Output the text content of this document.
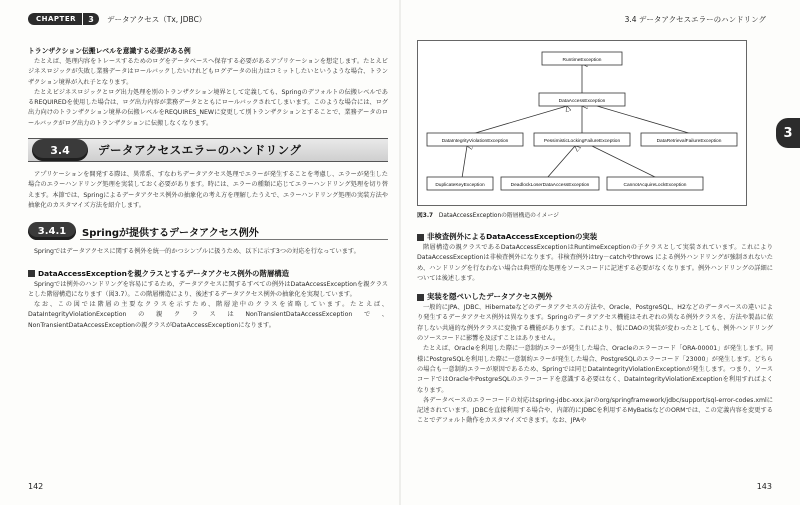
CHAPTER	3	データアクセス（Tx, JDBC）
トランザクション伝搬レベルを意識する必要がある例

たとえば、処理内容をトレースするためのログをデータベースへ保存する必要があるアプリケーションを想定します。たとえビジネスロジックが失敗し業務データはロールバックしたいけれどもログデータの出力はコミットしたいというような場合、トランザクション境界が入れ子となります。

たとえビジネスロジックとログ出力処理を別のトランザクション境界として定義しても、Springのデフォルトの伝搬レベルであるREQUIREDを使用した場合は、ログ出力内容が業務データとともにロールバックされてしまいます。このような場合には、ログ出力向けのトランザクション境界の伝搬レベルをREQUIRES_NEWに変更して別トランザクションとすることで、業務データのロールバックがログ出力のトランザクションに伝搬しなくなります。

3.4	データアクセスエラーのハンドリング

アプリケーションを開発する際は、異常系、すなわちデータアクセス処理でエラーが発生することを考慮し、エラーが発生した場合のエラーハンドリング処理を実装しておく必要があります。時には、エラーの種類に応じてエラーハンドリング処理を切り替えます。本節では、Springによるデータアクセス例外の抽象化の考え方を理解したうえで、エラーハンドリング処理の実装方法や抽象化のカスタマイズ方法を紹介します。

3.4.1	Springが提供するデータアクセス例外

Springではデータアクセスに関する例外を統一的かつシンプルに扱うため、以下に示す3つの対応を行なっています。

DataAccessExceptionを親クラスとするデータアクセス例外の階層構造

Springでは例外のハンドリングを容易にするため、データアクセスに関するすべての例外はDataAccessExceptionを親クラスとした階層構造になります（図3.7）。この階層構造により、後述するデータアクセス例外の抽象化を実現しています。

なお、この図では階層の主要なクラスを示すため、階層途中のクラスを省略しています。たとえば、DataIntegrityViolationExceptionの親クラスはNonTransientDataAccessExceptionで、NonTransientDataAccessExceptionの親クラスがDataAccessExceptionになります。

142
3.4 データアクセスエラーのハンドリング
3
RuntimeException
DataAccessException
DataIntegrityViolationException	PessimisticLockingFailureException	DataRetrievalFailureException
DuplicateKeyException	DeadlockLoserDataAccessException	CannotAcquireLockException
図3.7 DataAccessExceptionの階層構造のイメージ
非検査例外によるDataAccessExceptionの実装

階層構造の親クラスであるDataAccessExceptionはRuntimeExceptionの子クラスとして実装されています。これによりDataAccessExceptionは非検査例外になります。非検査例外はtry－catchやthrows による例外ハンドリングが強制されないため、ハンドリングを行なわない場合は典型的な処理をソースコードに記述する必要がなくなります。例外ハンドリングの詳細については後述します。

実装を隠ぺいしたデータアクセス例外

一般的にJPA、JDBC、Hibernateなどのデータアクセスの方法や、Oracle、PostgreSQL、H2などのデータベースの違いにより発生するデータアクセス例外は異なります。Springのデータアクセス機能はそれぞれの異なる例外クラスを、方法や製品に依存しない共通的な例外クラスに変換する機能があります。これにより、仮にDAOの実装が変わったとしても、例外ハンドリングのソースコードに影響を及ぼすことはありません。

たとえば、Oracleを利用した際に一意制約エラーが発生した場合、Oracleのエラーコード「ORA-00001」が発生します。同様にPostgreSQLを利用した際に一意制約エラーが発生した場合、PostgreSQLのエラーコード「23000」が発生します。どちらの場合も一意制約エラーが原因であるため、Springでは同じDataIntegrityViolationExceptionが発生します。つまり、ソースコードではOracleやPostgreSQLのエラーコードを意識する必要はなく、DataIntegrityViolationExceptionを利用すればよくなります。

各データベースのエラーコードの対応はspring-jdbc-xxx.jarのorg/springframework/jdbc/support/sql-error-codes.xmlに記述されています。JDBCを直接利用する場合や、内部的にJDBCを利用するMyBatisなどのORMでは、この定義内容を変更することでデフォルト動作をカスタマイズできます。なお、JPAや

143
